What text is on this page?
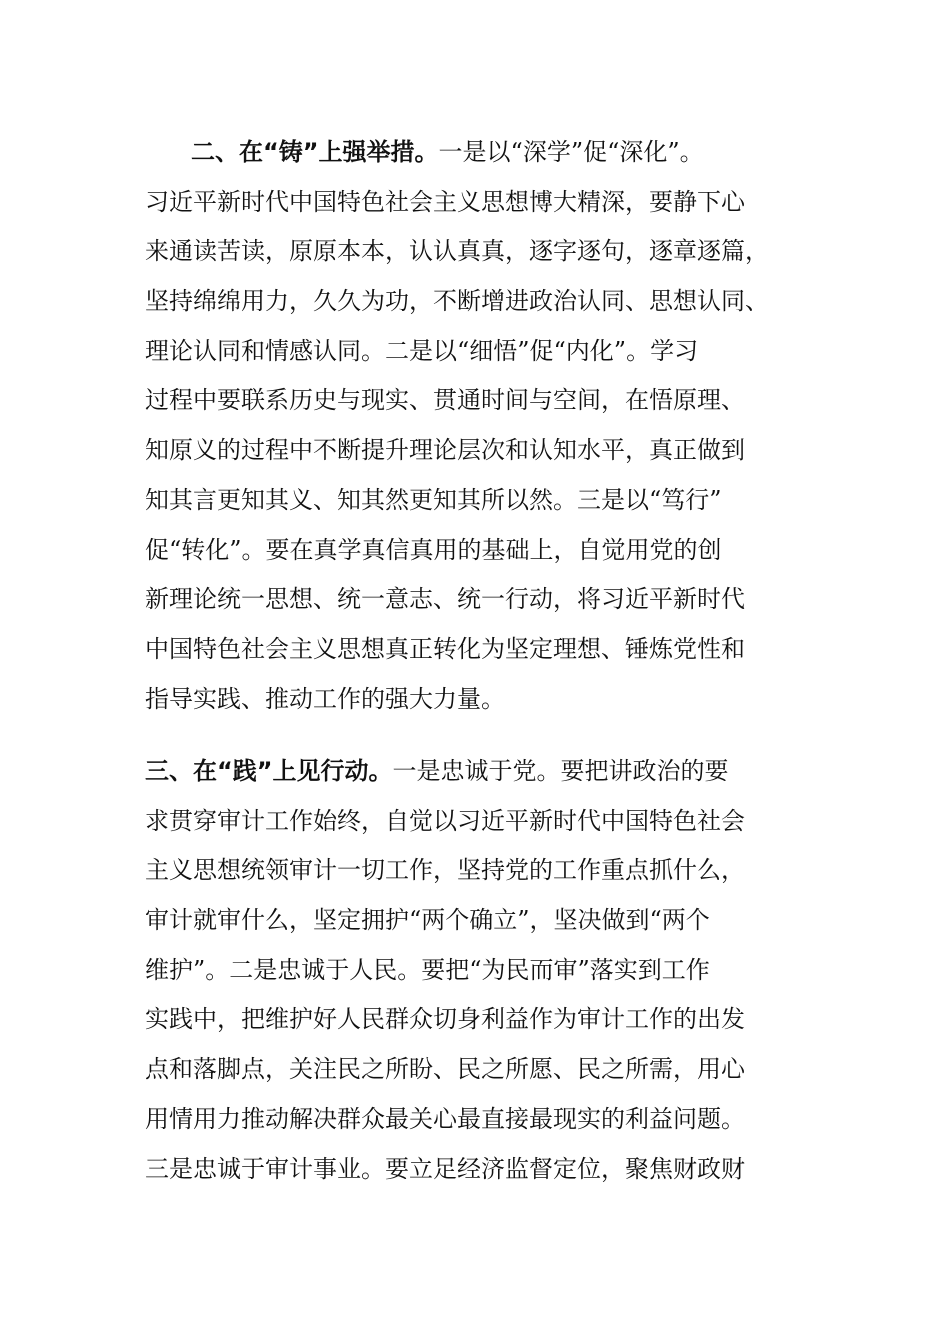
二、在“铸”上强举措。一是以“深学”促“深化”。
习近平新时代中国特色社会主义思想博大精深，要静下心
来通读苦读，原原本本，认认真真，逐字逐句，逐章逐篇，
坚持绵绵用力，久久为功，不断增进政治认同、思想认同、
理论认同和情感认同。二是以“细悟”促“内化”。学习
过程中要联系历史与现实、贯通时间与空间，在悟原理、
知原义的过程中不断提升理论层次和认知水平，真正做到
知其言更知其义、知其然更知其所以然。三是以“笃行”
促“转化”。要在真学真信真用的基础上，自觉用党的创
新理论统一思想、统一意志、统一行动，将习近平新时代
中国特色社会主义思想真正转化为坚定理想、锤炼党性和
指导实践、推动工作的强大力量。
三、在“践”上见行动。一是忠诚于党。要把讲政治的要
求贯穿审计工作始终，自觉以习近平新时代中国特色社会
主义思想统领审计一切工作，坚持党的工作重点抓什么，
审计就审什么，坚定拥护“两个确立”，坚决做到“两个
维护”。二是忠诚于人民。要把“为民而审”落实到工作
实践中，把维护好人民群众切身利益作为审计工作的出发
点和落脚点，关注民之所盼、民之所愿、民之所需，用心
用情用力推动解决群众最关心最直接最现实的利益问题。
三是忠诚于审计事业。要立足经济监督定位，聚焦财政财
